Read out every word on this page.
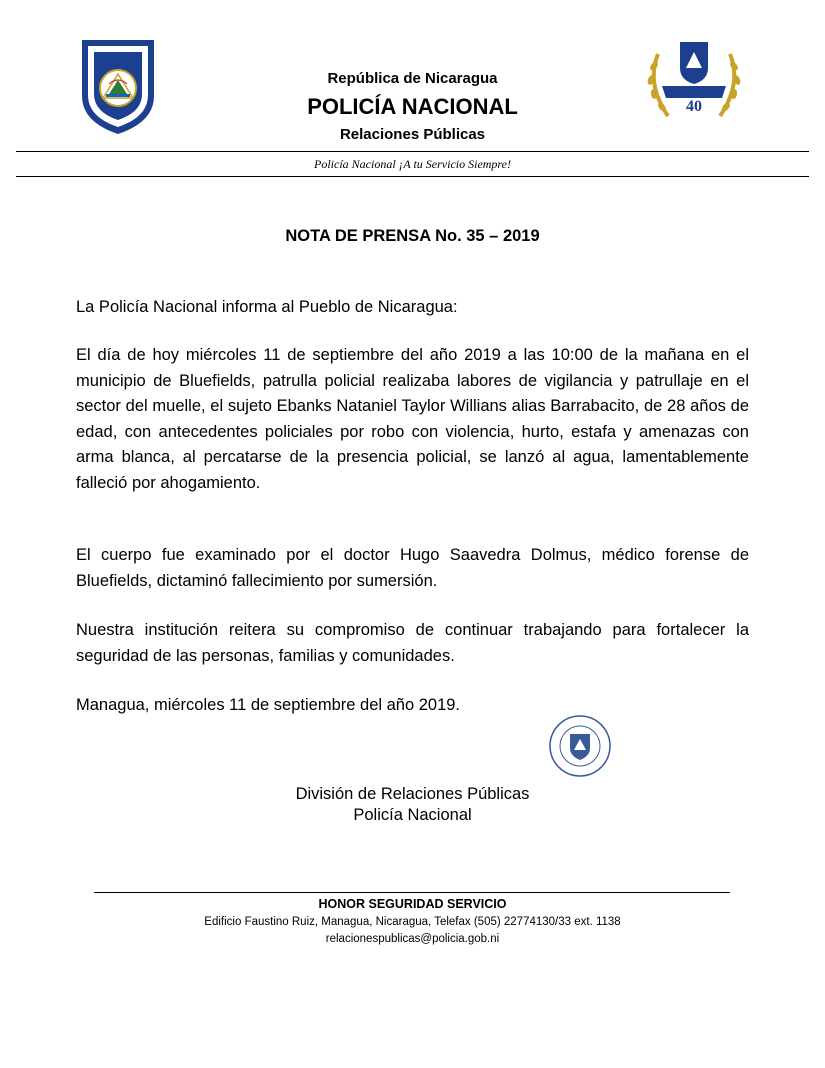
República de Nicaragua
POLICÍA NACIONAL
Relaciones Públicas
40
Policía Nacional ¡A tu Servicio Siempre!
NOTA DE PRENSA No. 35 – 2019

La Policía Nacional informa al Pueblo de Nicaragua:

El día de hoy miércoles 11 de septiembre del año 2019 a las 10:00 de la mañana en el municipio de Bluefields, patrulla policial realizaba labores de vigilancia y patrullaje en el sector del muelle, el sujeto Ebanks Nataniel Taylor Willians alias Barrabacito, de 28 años de edad, con antecedentes policiales por robo con violencia, hurto, estafa y amenazas con arma blanca, al percatarse de la presencia policial, se lanzó al agua, lamentablemente falleció por ahogamiento.

El cuerpo fue examinado por el doctor Hugo Saavedra Dolmus, médico forense de Bluefields, dictaminó fallecimiento por sumersión.

Nuestra institución reitera su compromiso de continuar trabajando para fortalecer la seguridad de las personas, familias y comunidades.

Managua, miércoles 11 de septiembre del año 2019.

División de Relaciones Públicas
Policía Nacional
HONOR SEGURIDAD SERVICIO
Edificio Faustino Ruiz, Managua, Nicaragua, Telefax (505) 22774130/33 ext. 1138
relacionespublicas@policia.gob.ni
